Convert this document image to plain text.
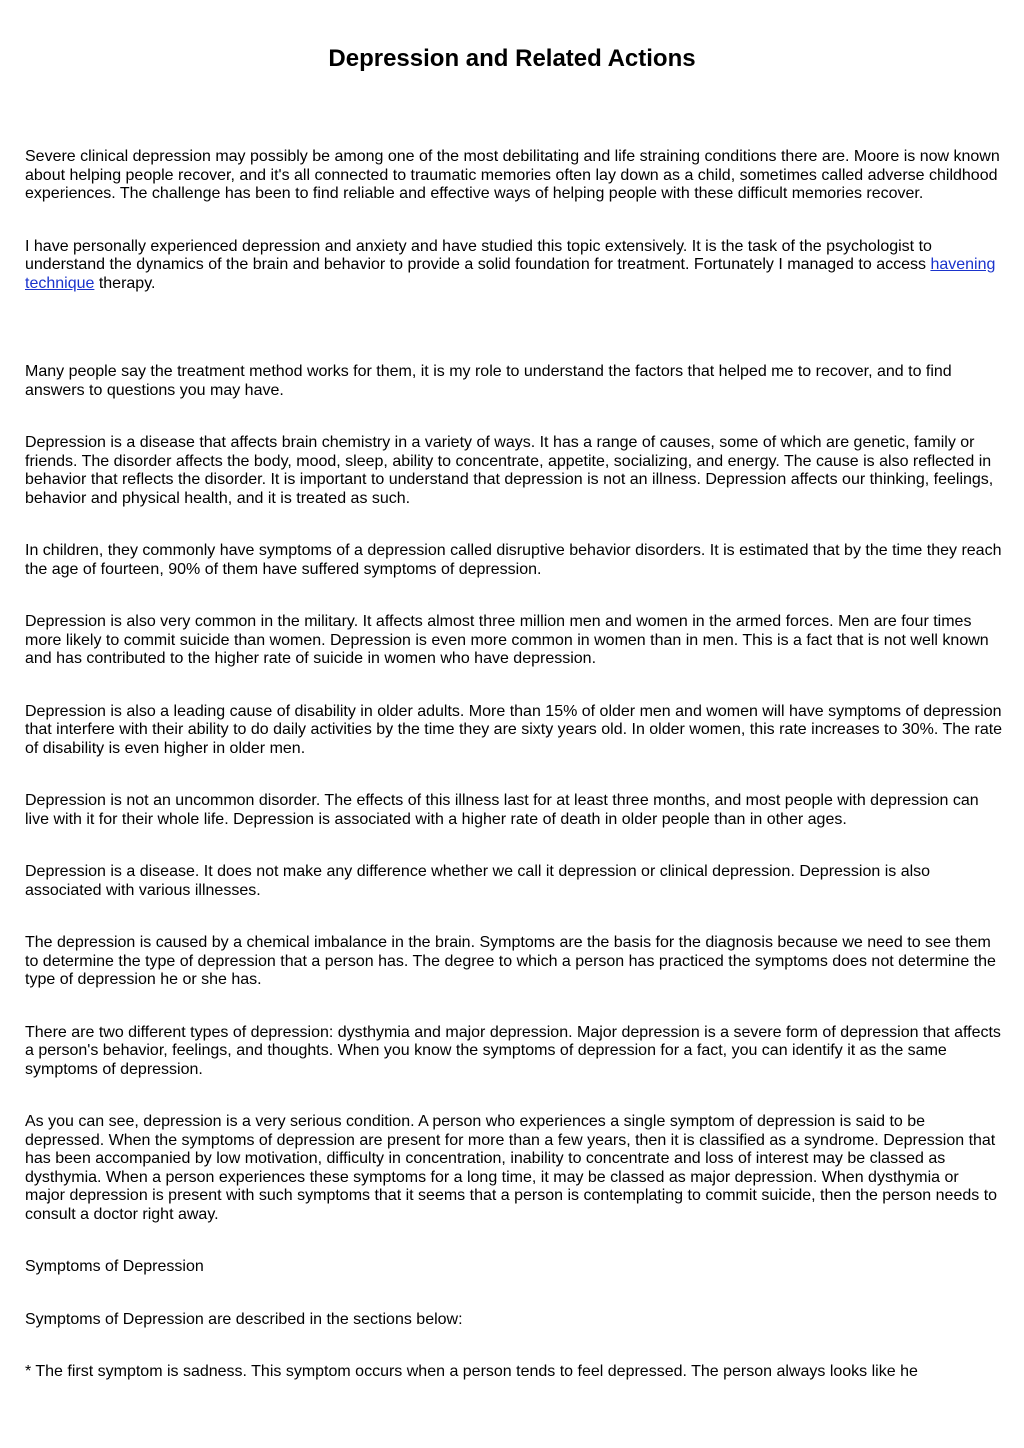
Depression and Related Actions

Severe clinical depression may possibly be among one of the most debilitating and life straining conditions there are. Moore is now known about helping people recover, and it's all connected to traumatic memories often lay down as a child, sometimes called adverse childhood experiences. The challenge has been to find reliable and effective ways of helping people with these difficult memories recover.

I have personally experienced depression and anxiety and have studied this topic extensively. It is the task of the psychologist to understand the dynamics of the brain and behavior to provide a solid foundation for treatment. Fortunately I managed to access havening technique therapy.

Many people say the treatment method works for them, it is my role to understand the factors that helped me to recover, and to find answers to questions you may have.

Depression is a disease that affects brain chemistry in a variety of ways. It has a range of causes, some of which are genetic, family or friends. The disorder affects the body, mood, sleep, ability to concentrate, appetite, socializing, and energy. The cause is also reflected in behavior that reflects the disorder. It is important to understand that depression is not an illness. Depression affects our thinking, feelings, behavior and physical health, and it is treated as such.

In children, they commonly have symptoms of a depression called disruptive behavior disorders. It is estimated that by the time they reach the age of fourteen, 90% of them have suffered symptoms of depression.

Depression is also very common in the military. It affects almost three million men and women in the armed forces. Men are four times more likely to commit suicide than women. Depression is even more common in women than in men. This is a fact that is not well known and has contributed to the higher rate of suicide in women who have depression.

Depression is also a leading cause of disability in older adults. More than 15% of older men and women will have symptoms of depression that interfere with their ability to do daily activities by the time they are sixty years old. In older women, this rate increases to 30%. The rate of disability is even higher in older men.

Depression is not an uncommon disorder. The effects of this illness last for at least three months, and most people with depression can live with it for their whole life. Depression is associated with a higher rate of death in older people than in other ages.

Depression is a disease. It does not make any difference whether we call it depression or clinical depression. Depression is also associated with various illnesses.

The depression is caused by a chemical imbalance in the brain. Symptoms are the basis for the diagnosis because we need to see them to determine the type of depression that a person has. The degree to which a person has practiced the symptoms does not determine the type of depression he or she has.

There are two different types of depression: dysthymia and major depression. Major depression is a severe form of depression that affects a person's behavior, feelings, and thoughts. When you know the symptoms of depression for a fact, you can identify it as the same symptoms of depression.

As you can see, depression is a very serious condition. A person who experiences a single symptom of depression is said to be depressed. When the symptoms of depression are present for more than a few years, then it is classified as a syndrome. Depression that has been accompanied by low motivation, difficulty in concentration, inability to concentrate and loss of interest may be classed as dysthymia. When a person experiences these symptoms for a long time, it may be classed as major depression. When dysthymia or major depression is present with such symptoms that it seems that a person is contemplating to commit suicide, then the person needs to consult a doctor right away.

Symptoms of Depression

Symptoms of Depression are described in the sections below:

* The first symptom is sadness. This symptom occurs when a person tends to feel depressed. The person always looks like he
